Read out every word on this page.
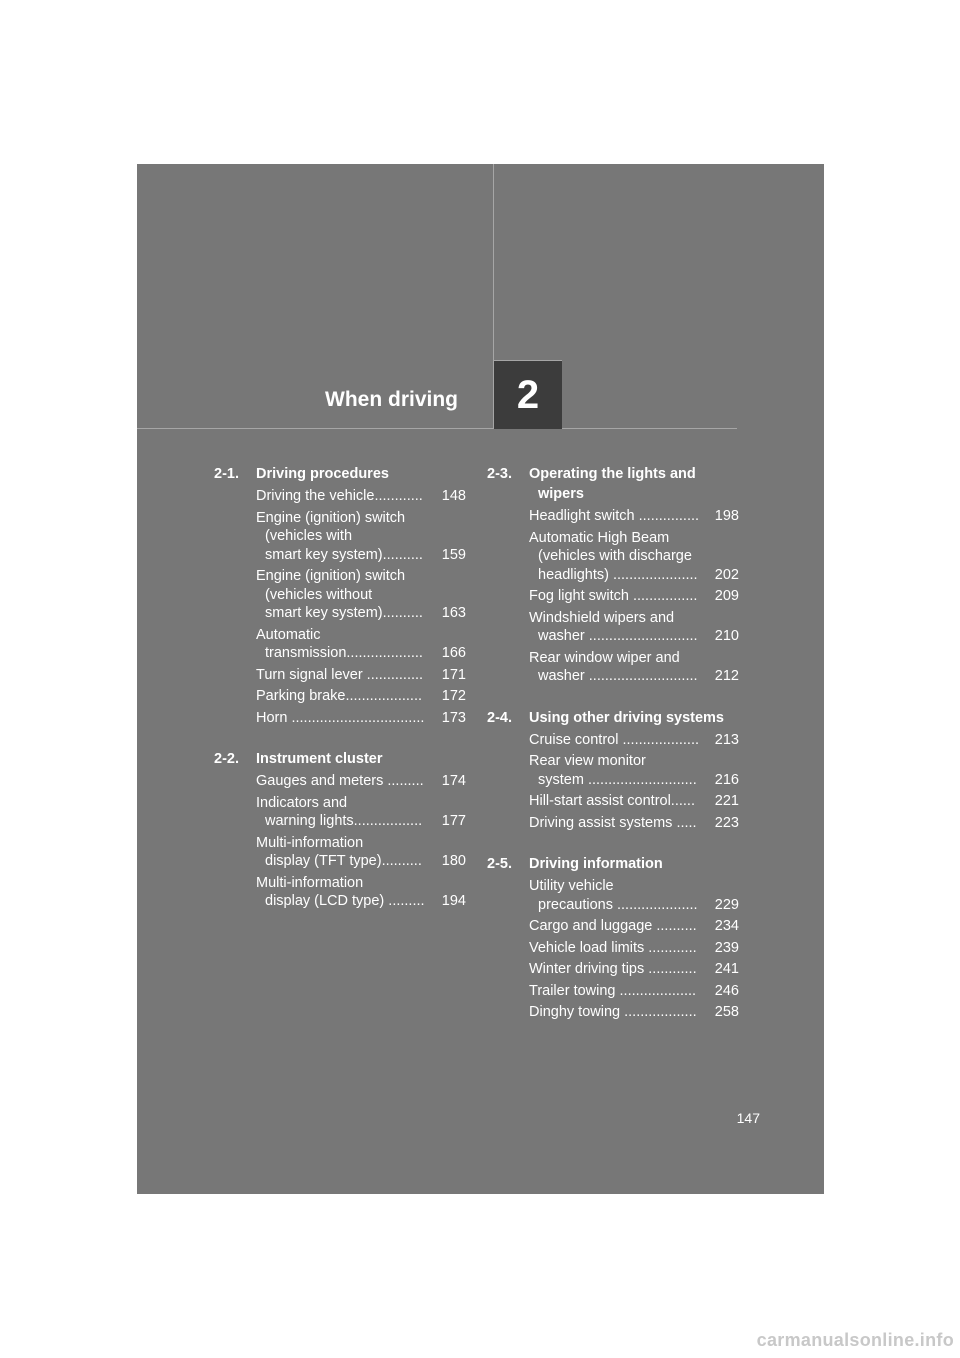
When driving	2
2-1.	Driving procedures
Driving the vehicle............	148
Engine (ignition) switch
(vehicles with
smart key system)..........	159
Engine (ignition) switch
(vehicles without
smart key system)..........	163
Automatic
transmission...................	166
Turn signal lever ..............	171
Parking brake...................	172
Horn .................................	173
2-2.	Instrument cluster
Gauges and meters .........	174
Indicators and
warning lights.................	177
Multi-information
display (TFT type)..........	180
Multi-information
display (LCD type) .........	194
2-3.	Operating the lights and
wipers
Headlight switch ...............	198
Automatic High Beam
(vehicles with discharge
headlights) .....................	202
Fog light switch ................	209
Windshield wipers and
washer ...........................	210
Rear window wiper and
washer ...........................	212
2-4.	Using other driving systems
Cruise control ...................	213
Rear view monitor
system ...........................	216
Hill-start assist control......	221
Driving assist systems .....	223
2-5.	Driving information
Utility vehicle
precautions ....................	229
Cargo and luggage ..........	234
Vehicle load limits ............	239
Winter driving tips ............	241
Trailer towing ...................	246
Dinghy towing ..................	258
147
carmanualsonline.info
